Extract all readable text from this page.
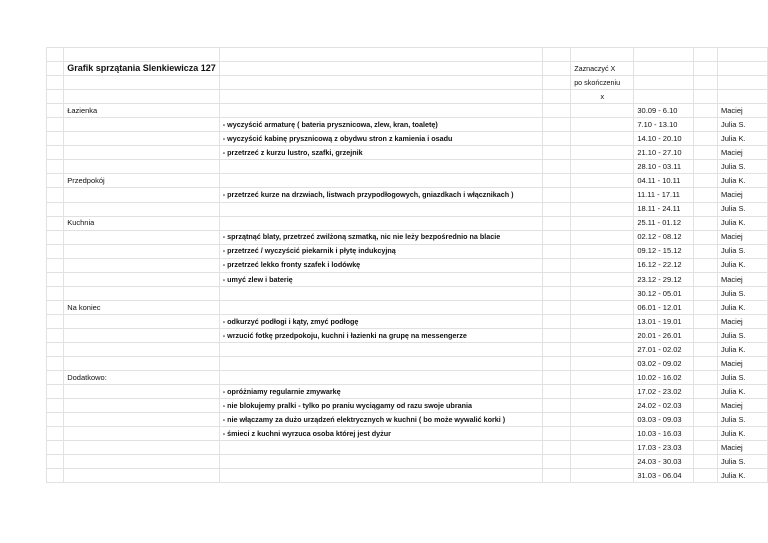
	Grafik sprzątania Slenkiewicza 127			Zaznaczyć X			
				po skończeniu			
				x			
	Łazienka				30.09 - 6.10		Maciej
		- wyczyścić armaturę ( bateria prysznicowa, zlew, kran, toaletę)			7.10 - 13.10		Julia S.
		- wyczyścić kabinę prysznicową z obydwu stron z kamienia i osadu			14.10 - 20.10		Julia K.
		- przetrzeć z kurzu lustro, szafki, grzejnik			21.10 - 27.10		Maciej
					28.10 - 03.11		Julia S.
	Przedpokój				04.11 - 10.11		Julia K.
		- przetrzeć kurze na drzwiach, listwach przypodłogowych, gniazdkach i włącznikach )			11.11 - 17.11		Maciej
					18.11 - 24.11		Julia S.
	Kuchnia				25.11 - 01.12		Julia K.
		- sprzątnąć blaty, przetrzeć zwilżoną szmatką, nic nie leży bezpośrednio na blacie			02.12 - 08.12		Maciej
		- przetrzeć / wyczyścić piekarnik i płytę indukcyjną			09.12 - 15.12		Julia S.
		- przetrzeć lekko fronty szafek i lodówkę			16.12 - 22.12		Julia K.
		- umyć zlew i baterię			23.12 - 29.12		Maciej
					30.12 - 05.01		Julia S.
	Na koniec				06.01 - 12.01		Julia K.
		- odkurzyć podłogi i kąty, zmyć podłogę			13.01 - 19.01		Maciej
		- wrzucić fotkę przedpokoju, kuchni i łazienki na grupę na messengerze			20.01 - 26.01		Julia S.
					27.01 - 02.02		Julia K.
					03.02 - 09.02		Maciej
	Dodatkowo:				10.02 - 16.02		Julia S.
		- opróżniamy regularnie zmywarkę			17.02 - 23.02		Julia K.
		- nie blokujemy pralki - tylko po praniu wyciągamy od razu swoje ubrania			24.02 - 02.03		Maciej
		- nie włączamy za dużo urządzeń elektrycznych w kuchni ( bo może wywalić korki )			03.03 - 09.03		Julia S.
		- śmieci z kuchni wyrzuca osoba której jest dyżur			10.03 - 16.03		Julia K.
					17.03 - 23.03		Maciej
					24.03 - 30.03		Julia S.
					31.03 - 06.04		Julia K.
